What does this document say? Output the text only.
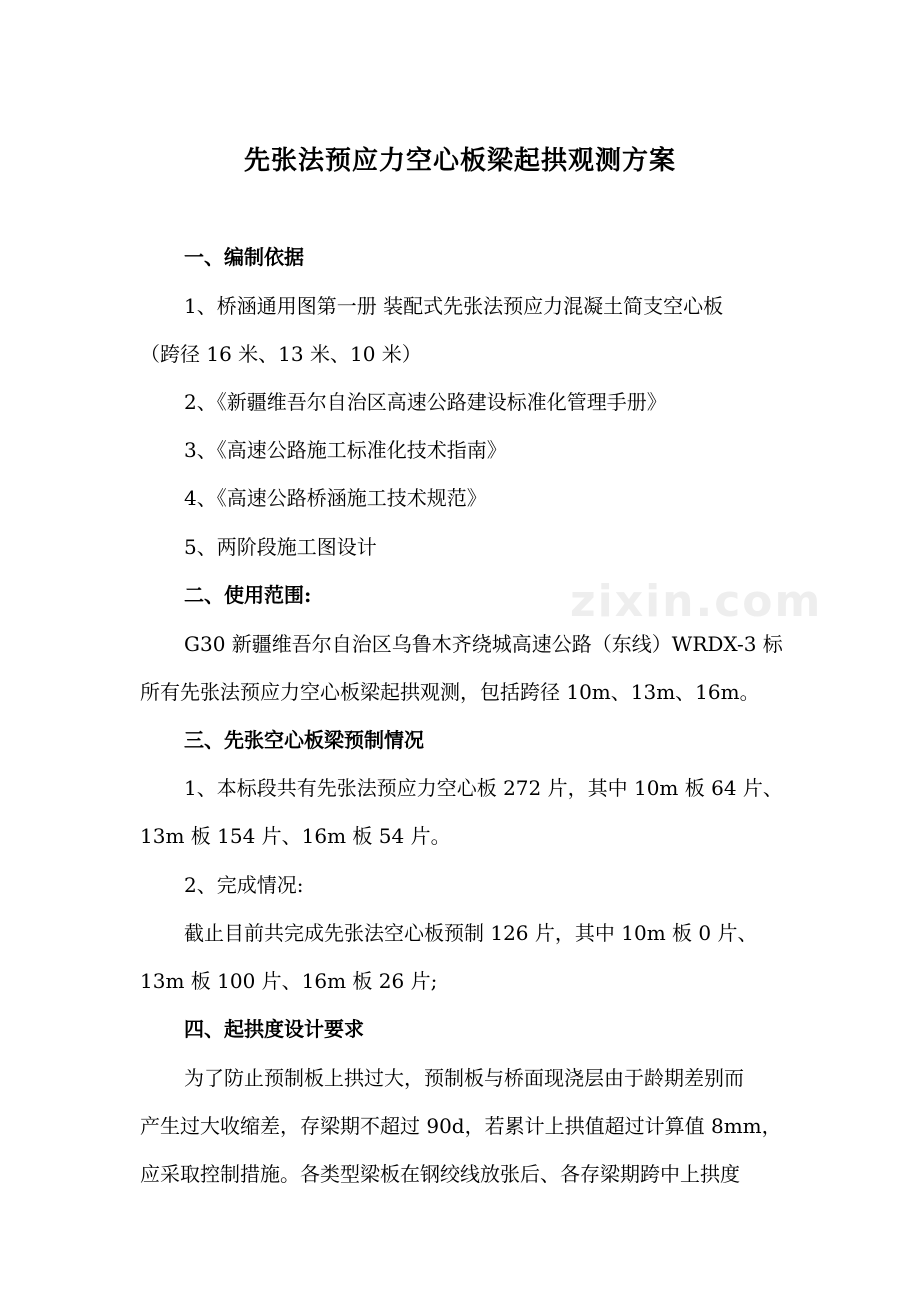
zixin.com
先张法预应力空心板梁起拱观测方案
一、编制依据
1、桥涵通用图第一册 装配式先张法预应力混凝土简支空心板
（跨径 16 米、13 米、10 米）
2、《新疆维吾尔自治区高速公路建设标准化管理手册》
3、《高速公路施工标准化技术指南》
4、《高速公路桥涵施工技术规范》
5、两阶段施工图设计
二、使用范围:
G30 新疆维吾尔自治区乌鲁木齐绕城高速公路（东线）WRDX-3 标
所有先张法预应力空心板梁起拱观测，包括跨径 10m、13m、16m。
三、先张空心板梁预制情况
1、本标段共有先张法预应力空心板 272 片，其中 10m 板 64 片、
13m 板 154 片、16m 板 54 片。
2、完成情况:
截止目前共完成先张法空心板预制 126 片，其中 10m 板 0 片、
13m 板 100 片、16m 板 26 片;
四、起拱度设计要求
为了防止预制板上拱过大，预制板与桥面现浇层由于龄期差别而
产生过大收缩差，存梁期不超过 90d，若累计上拱值超过计算值 8mm，
应采取控制措施。各类型梁板在钢绞线放张后、各存梁期跨中上拱度
